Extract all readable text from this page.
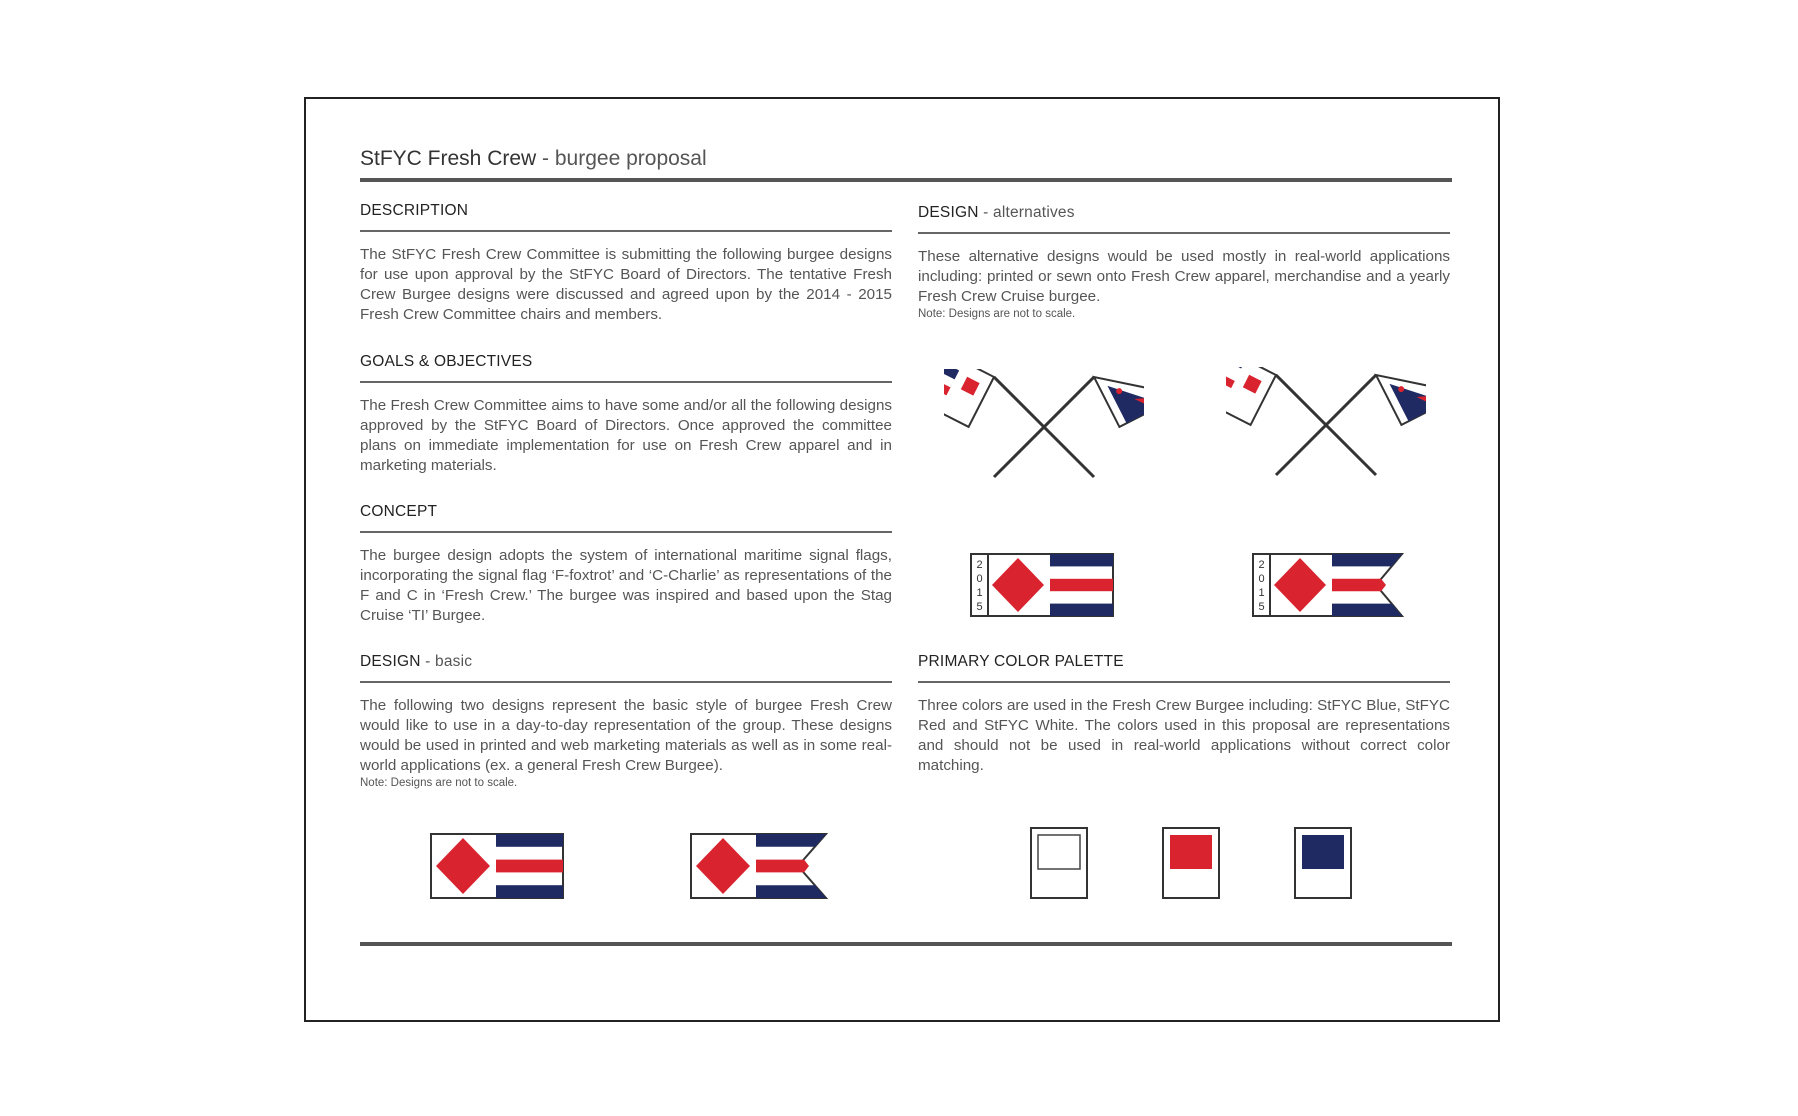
StFYC Fresh Crew - burgee proposal
DESCRIPTION
The StFYC Fresh Crew Committee is submitting the following burgee designs for use upon approval by the StFYC Board of Directors. The tentative Fresh Crew Burgee designs were discussed and agreed upon by the 2014 - 2015 Fresh Crew Committee chairs and members.
GOALS & OBJECTIVES
The Fresh Crew Committee aims to have some and/or all the following designs approved by the StFYC Board of Directors. Once approved the committee plans on immediate implementation for use on Fresh Crew apparel and in marketing materials.
CONCEPT
The burgee design adopts the system of international maritime signal flags, incorporating the signal flag ‘F-foxtrot’ and ‘C-Charlie’ as representations of the F and C in ‘Fresh Crew.’ The burgee was inspired and based upon the Stag Cruise ‘TI’ Burgee.
DESIGN - basic
The following two designs represent the basic style of burgee Fresh Crew would like to use in a day-to-day representation of the group. These designs would be used in printed and web marketing materials as well as in some real-world applications (ex. a general Fresh Crew Burgee).
Note: Designs are not to scale.
DESIGN - alternatives
These alternative designs would be used mostly in real-world applications including: printed or sewn onto Fresh Crew apparel, merchandise and a yearly Fresh Crew Cruise burgee.
Note: Designs are not to scale.
2
0
1
5
2
0
1
5
PRIMARY COLOR PALETTE
Three colors are used in the Fresh Crew Burgee including: StFYC Blue, StFYC Red and StFYC White. The colors used in this proposal are representations and should not be used in real-world applications without correct color matching.
